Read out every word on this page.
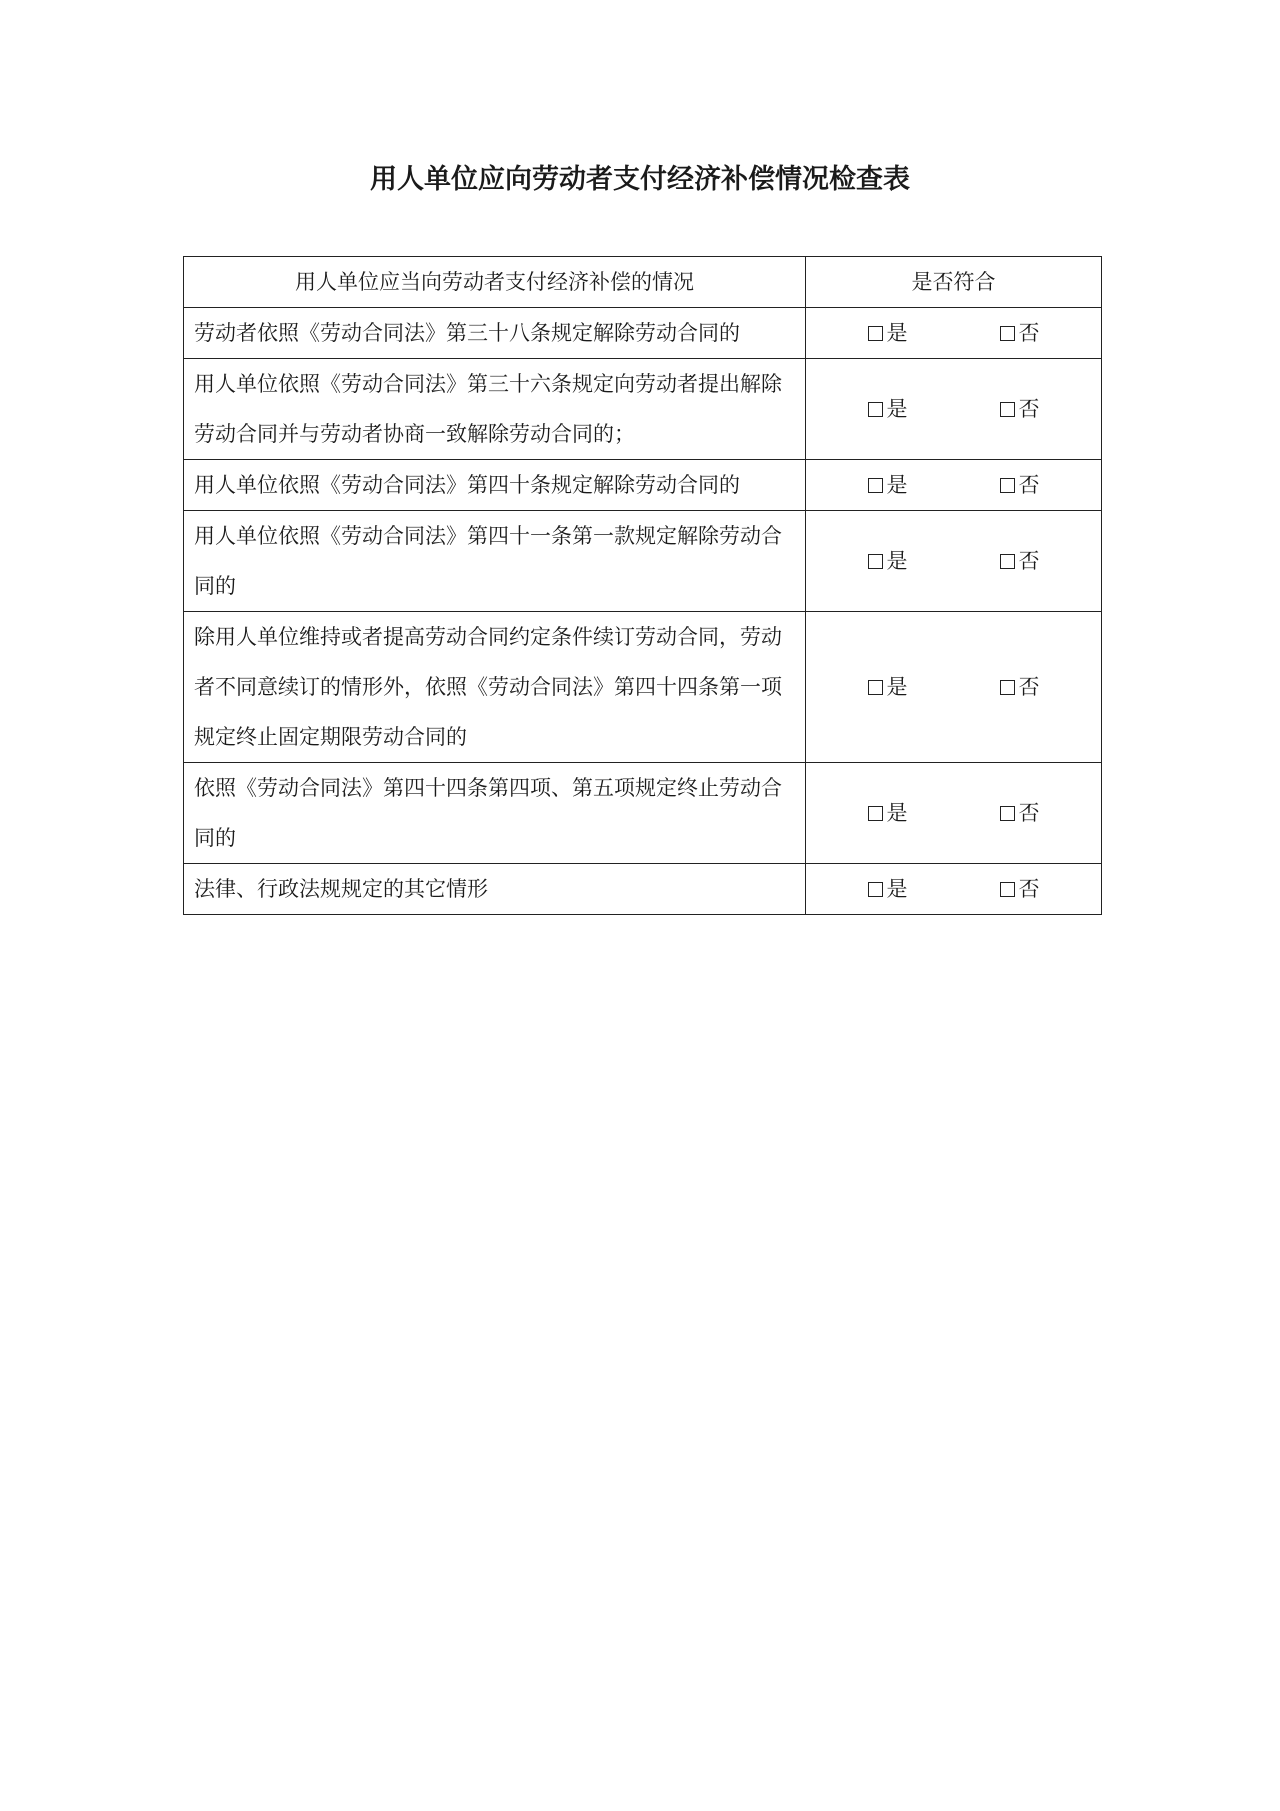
用人单位应向劳动者支付经济补偿情况检查表
用人单位应当向劳动者支付经济补偿的情况	是否符合
劳动者依照《劳动合同法》第三十八条规定解除劳动合同的	是 否

用人单位依照《劳动合同法》第三十六条规定向劳动者提出解除劳动合同并与劳动者协商一致解除劳动合同的；	是 否

用人单位依照《劳动合同法》第四十条规定解除劳动合同的	是 否

用人单位依照《劳动合同法》第四十一条第一款规定解除劳动合同的	是 否

除用人单位维持或者提高劳动合同约定条件续订劳动合同，劳动者不同意续订的情形外，依照《劳动合同法》第四十四条第一项规定终止固定期限劳动合同的	是 否

依照《劳动合同法》第四十四条第四项、第五项规定终止劳动合同的	是 否

法律、行政法规规定的其它情形	是 否
